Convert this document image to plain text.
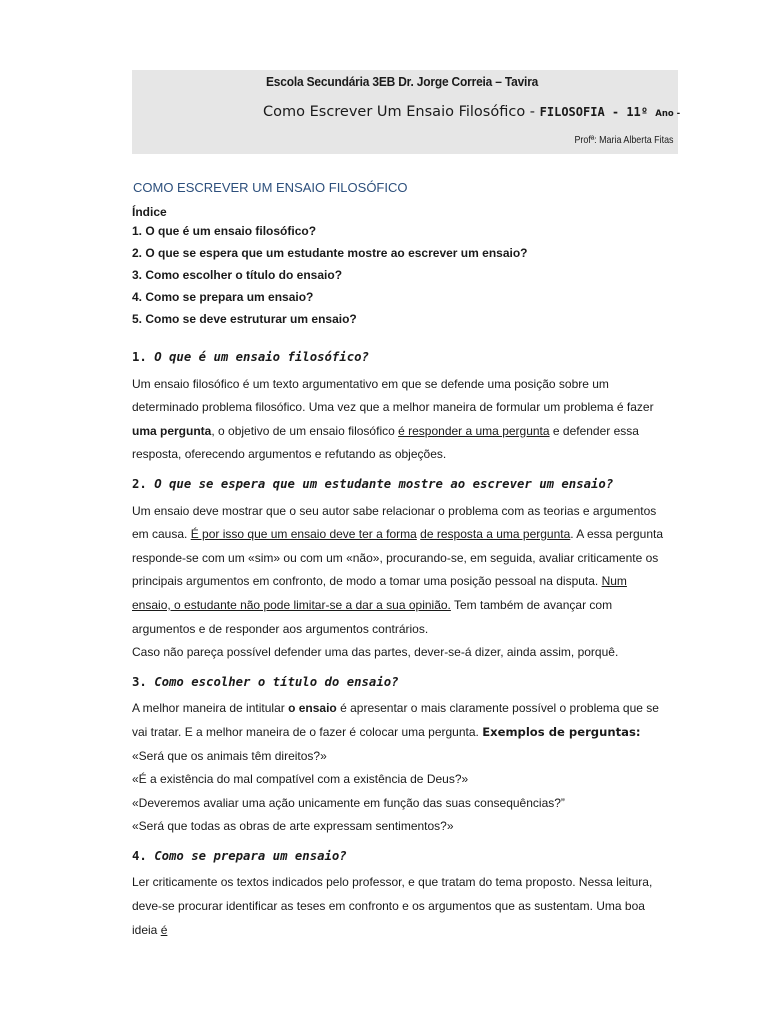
Escola Secundária 3EB Dr. Jorge Correia – Tavira
Como Escrever Um Ensaio Filosófico - FILOSOFIA - 11º Ano -
Profª: Maria Alberta Fitas
COMO ESCREVER UM ENSAIO FILOSÓFICO
Índice
1. O que é um ensaio filosófico?
2. O que se espera que um estudante mostre ao escrever um ensaio?
3. Como escolher o título do ensaio?
4. Como se prepara um ensaio?
5. Como se deve estruturar um ensaio?
1. O que é um ensaio filosófico?

Um ensaio filosófico é um texto argumentativo em que se defende uma posição sobre um determinado problema filosófico. Uma vez que a melhor maneira de formular um problema é fazer uma pergunta, o objetivo de um ensaio filosófico é responder a uma pergunta e defender essa resposta, oferecendo argumentos e refutando as objeções.

2. O que se espera que um estudante mostre ao escrever um ensaio?

Um ensaio deve mostrar que o seu autor sabe relacionar o problema com as teorias e argumentos em causa. É por isso que um ensaio deve ter a forma de resposta a uma pergunta. A essa pergunta responde-se com um «sim» ou com um «não», procurando-se, em seguida, avaliar criticamente os principais argumentos em confronto, de modo a tomar uma posição pessoal na disputa. Num ensaio, o estudante não pode limitar-se a dar a sua opinião. Tem também de avançar com argumentos e de responder aos argumentos contrários.

Caso não pareça possível defender uma das partes, dever-se-á dizer, ainda assim, porquê.

3. Como escolher o título do ensaio?

A melhor maneira de intitular o ensaio é apresentar o mais claramente possível o problema que se vai tratar. E a melhor maneira de o fazer é colocar uma pergunta. Exemplos de perguntas:

«Será que os animais têm direitos?»

«É a existência do mal compatível com a existência de Deus?»

«Deveremos avaliar uma ação unicamente em função das suas consequências?”

«Será que todas as obras de arte expressam sentimentos?»

4. Como se prepara um ensaio?

Ler criticamente os textos indicados pelo professor, e que tratam do tema proposto. Nessa leitura, deve-se procurar identificar as teses em confronto e os argumentos que as sustentam. Uma boa ideia é
